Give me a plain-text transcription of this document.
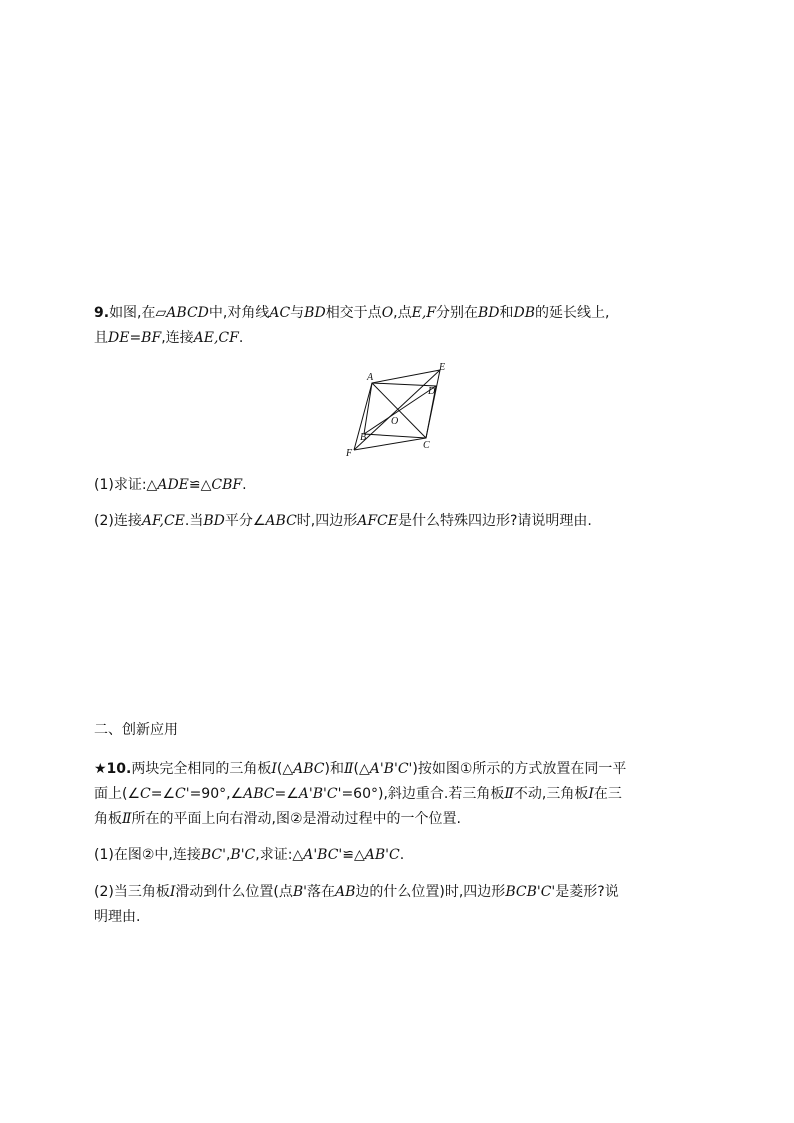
9.如图,在▱ABCD中,对角线AC与BD相交于点O,点E,F分别在BD和DB的延长线上,
且DE=BF,连接AE,CF.
A
B
C
D
E
F
O
(1)求证:△ADE≌△CBF.
(2)连接AF,CE.当BD平分∠ABC时,四边形AFCE是什么特殊四边形?请说明理由.
二、创新应用
★10.两块完全相同的三角板Ⅰ(△ABC)和Ⅱ(△A'B'C')按如图①所示的方式放置在同一平
面上(∠C=∠C'=90°,∠ABC=∠A'B'C'=60°),斜边重合.若三角板Ⅱ不动,三角板Ⅰ在三
角板Ⅱ所在的平面上向右滑动,图②是滑动过程中的一个位置.
(1)在图②中,连接BC',B'C,求证:△A'BC'≌△AB'C.
(2)当三角板Ⅰ滑动到什么位置(点B'落在AB边的什么位置)时,四边形BCB'C'是菱形?说
明理由.
